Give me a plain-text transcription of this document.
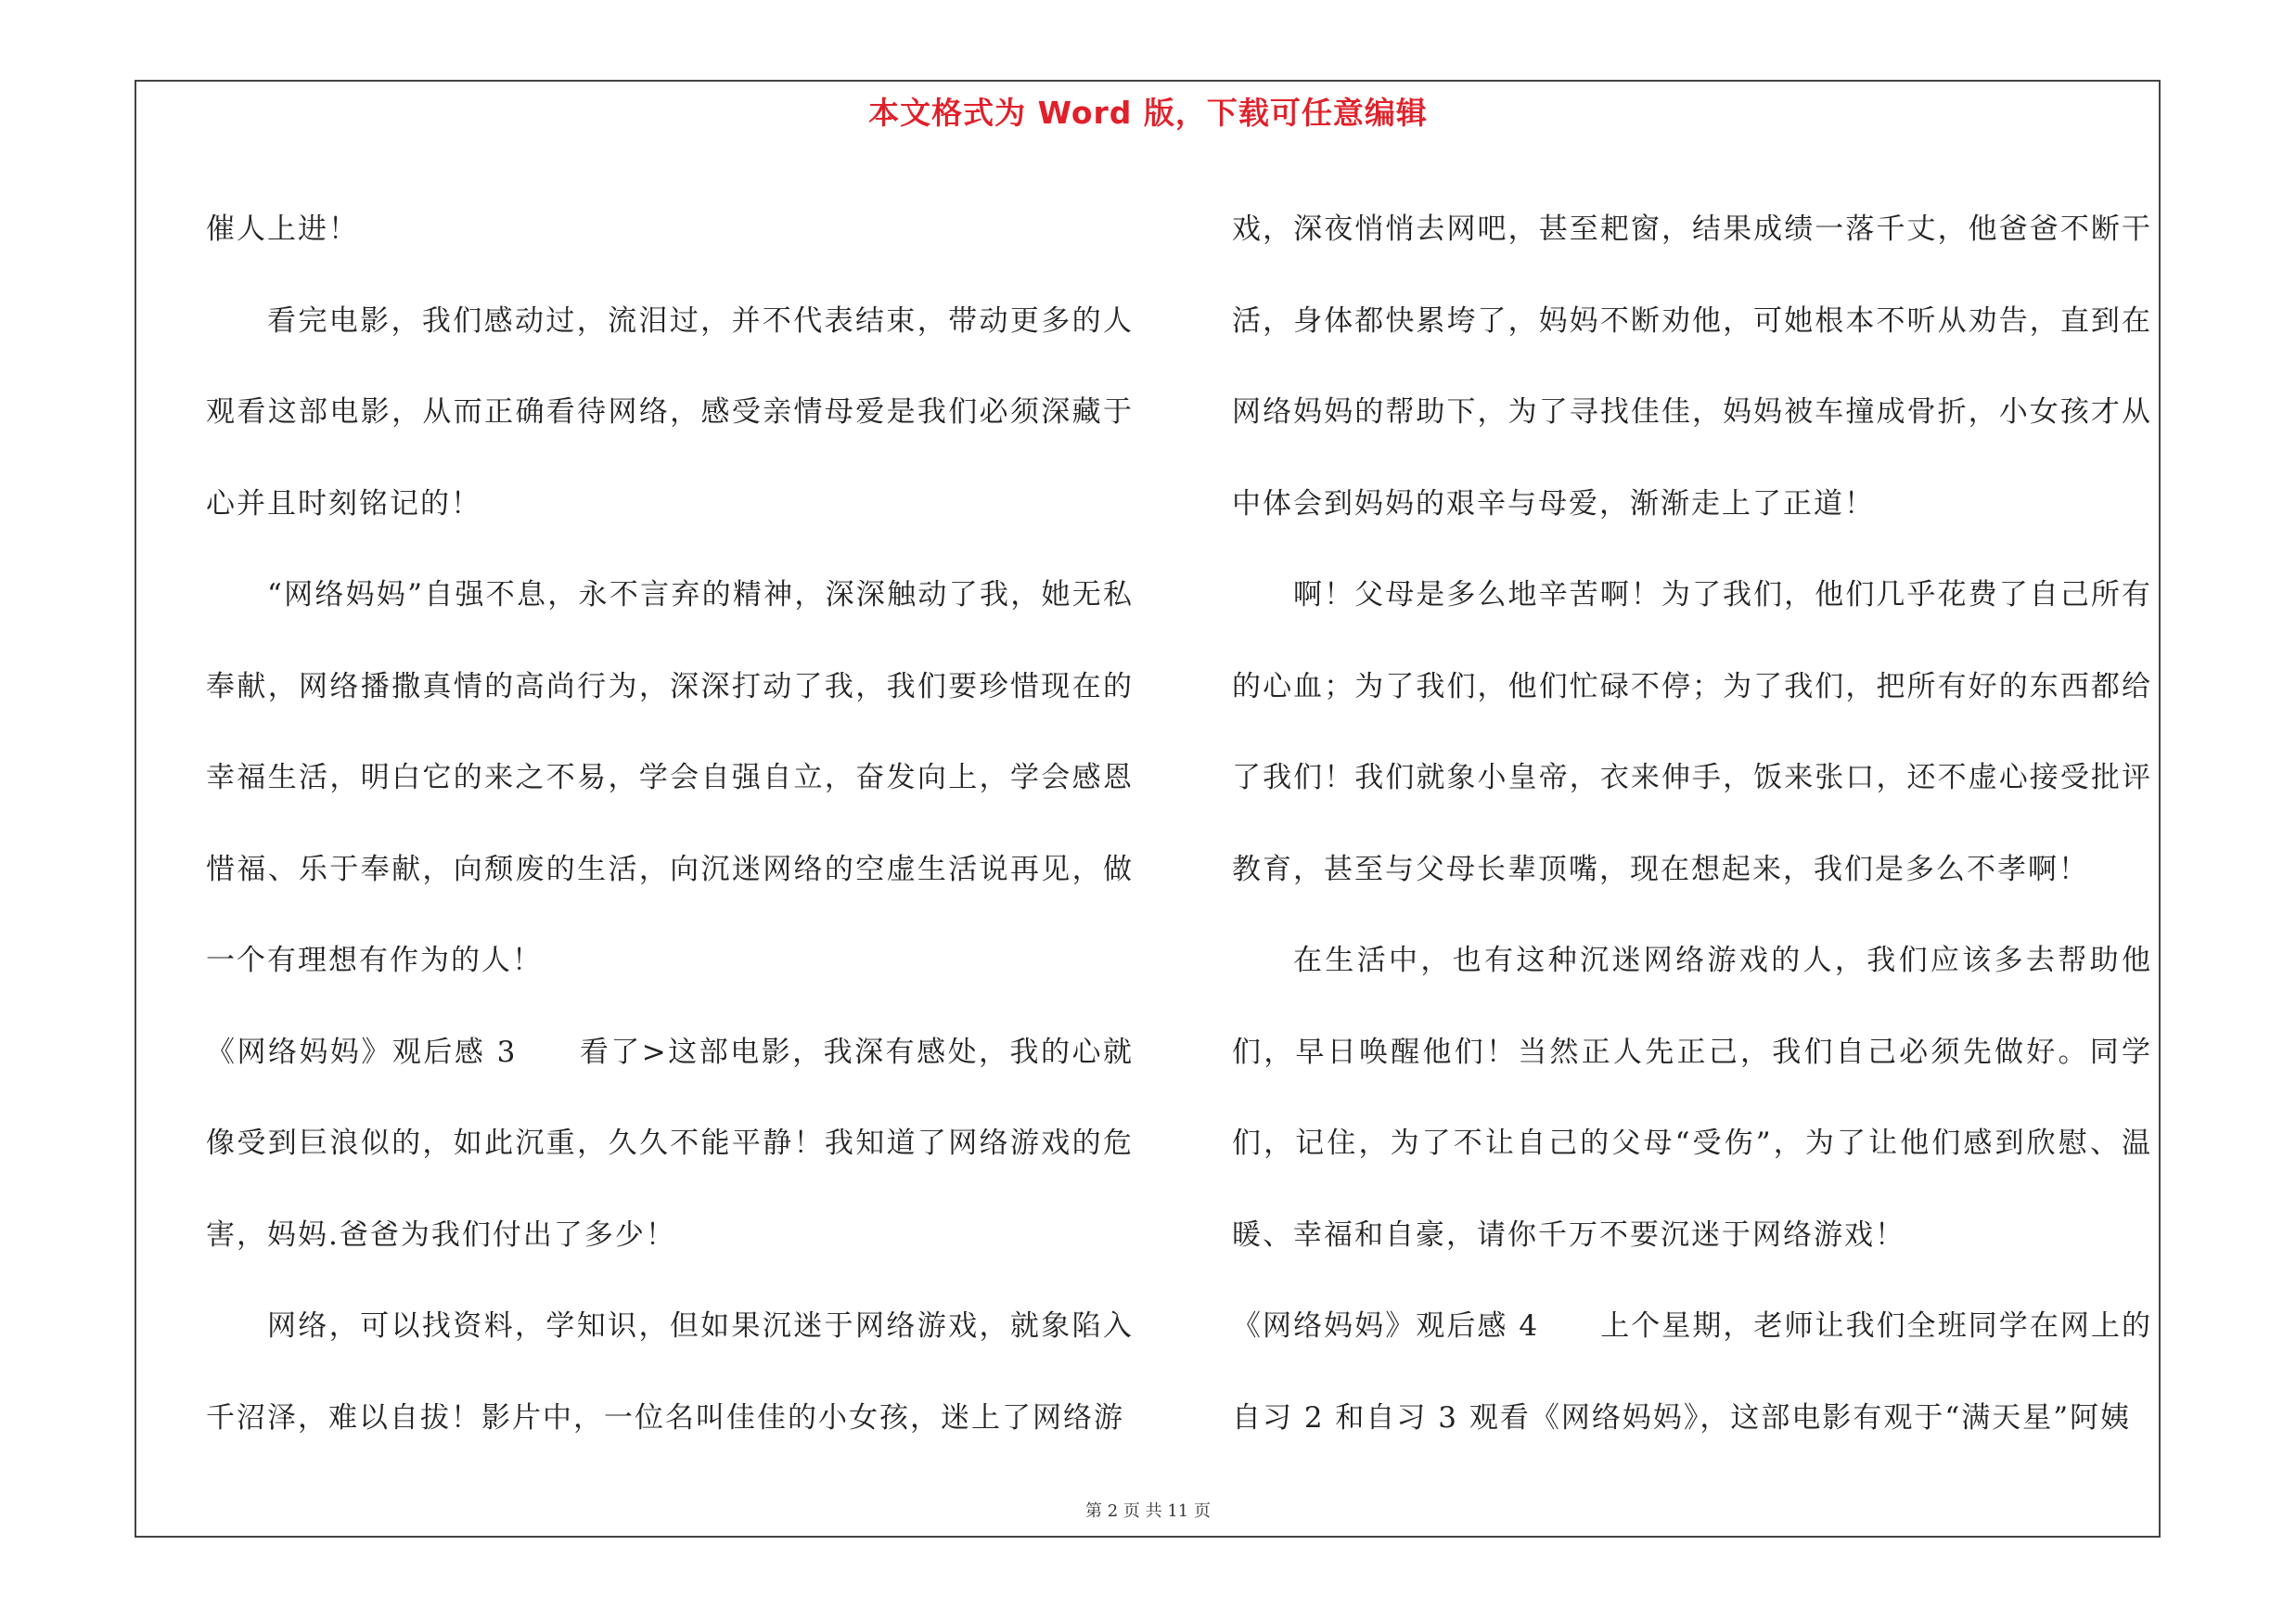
本文格式为 Word 版，下载可任意编辑

催人上进！

看完电影，我们感动过，流泪过，并不代表结束，带动更多的人观看这部电影，从而正确看待网络，感受亲情母爱是我们必须深藏于心并且时刻铭记的！

“网络妈妈”自强不息，永不言弃的精神，深深触动了我，她无私奉献，网络播撒真情的高尚行为，深深打动了我，我们要珍惜现在的幸福生活，明白它的来之不易，学会自强自立，奋发向上，学会感恩惜福、乐于奉献，向颓废的生活，向沉迷网络的空虚生活说再见，做一个有理想有作为的人！

《网络妈妈》观后感 3　　看了>这部电影，我深有感处，我的心就像受到巨浪似的，如此沉重，久久不能平静！我知道了网络游戏的危害，妈妈.爸爸为我们付出了多少！

网络，可以找资料，学知识，但如果沉迷于网络游戏，就象陷入千沼泽，难以自拔！影片中，一位名叫佳佳的小女孩，迷上了网络游

戏，深夜悄悄去网吧，甚至耙窗，结果成绩一落千丈，他爸爸不断干活，身体都快累垮了，妈妈不断劝他，可她根本不听从劝告，直到在网络妈妈的帮助下，为了寻找佳佳，妈妈被车撞成骨折，小女孩才从中体会到妈妈的艰辛与母爱，渐渐走上了正道！

啊！父母是多么地辛苦啊！为了我们，他们几乎花费了自己所有的心血；为了我们，他们忙碌不停；为了我们，把所有好的东西都给了我们！我们就象小皇帝，衣来伸手，饭来张口，还不虚心接受批评教育，甚至与父母长辈顶嘴，现在想起来，我们是多么不孝啊！

在生活中，也有这种沉迷网络游戏的人，我们应该多去帮助他们，早日唤醒他们！当然正人先正己，我们自己必须先做好。同学们，记住，为了不让自己的父母“受伤”，为了让他们感到欣慰、温暖、幸福和自豪，请你千万不要沉迷于网络游戏！

《网络妈妈》观后感 4　　上个星期，老师让我们全班同学在网上的自习 2 和自习 3 观看《网络妈妈》，这部电影有观于“满天星”阿姨

第 2 页 共 11 页
